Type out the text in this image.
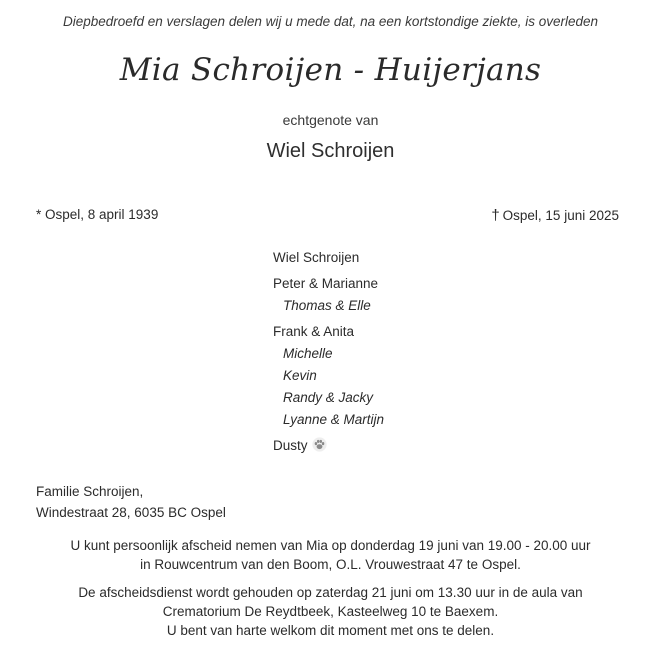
Diepbedroefd en verslagen delen wij u mede dat, na een kortstondige ziekte, is overleden
Mia Schroijen - Huijerjans
echtgenote van
Wiel Schroijen
* Ospel, 8 april 1939	† Ospel, 15 juni 2025
Wiel Schroijen
Peter & Marianne
Thomas & Elle
Frank & Anita
Michelle
Kevin
Randy & Jacky
Lyanne & Martijn
Dusty
Familie Schroijen,
Windestraat 28, 6035 BC Ospel
U kunt persoonlijk afscheid nemen van Mia op donderdag 19 juni van 19.00 - 20.00 uur
in Rouwcentrum van den Boom, O.L. Vrouwestraat 47 te Ospel.
De afscheidsdienst wordt gehouden op zaterdag 21 juni om 13.30 uur in de aula van
Crematorium De Reydtbeek, Kasteelweg 10 te Baexem.
U bent van harte welkom dit moment met ons te delen.
